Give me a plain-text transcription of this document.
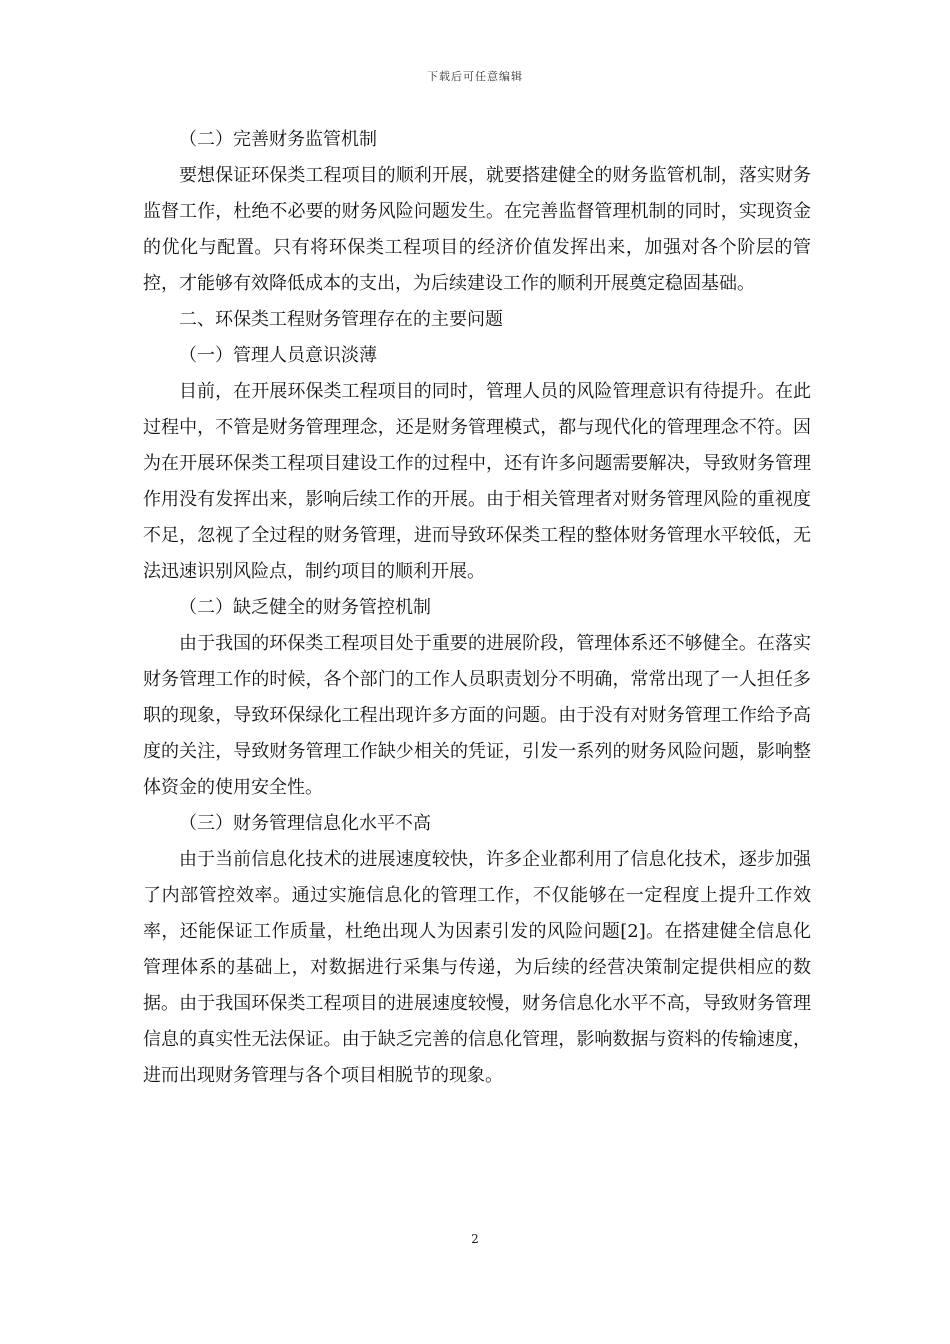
下载后可任意编辑

（二）完善财务监管机制

要想保证环保类工程项目的顺利开展，就要搭建健全的财务监管机制，落实财务监督工作，杜绝不必要的财务风险问题发生。在完善监督管理机制的同时，实现资金的优化与配置。只有将环保类工程项目的经济价值发挥出来，加强对各个阶层的管控，才能够有效降低成本的支出，为后续建设工作的顺利开展奠定稳固基础。

二、环保类工程财务管理存在的主要问题

（一）管理人员意识淡薄

目前，在开展环保类工程项目的同时，管理人员的风险管理意识有待提升。在此过程中，不管是财务管理理念，还是财务管理模式，都与现代化的管理理念不符。因为在开展环保类工程项目建设工作的过程中，还有许多问题需要解决，导致财务管理作用没有发挥出来，影响后续工作的开展。由于相关管理者对财务管理风险的重视度不足，忽视了全过程的财务管理，进而导致环保类工程的整体财务管理水平较低，无法迅速识别风险点，制约项目的顺利开展。

（二）缺乏健全的财务管控机制

由于我国的环保类工程项目处于重要的进展阶段，管理体系还不够健全。在落实财务管理工作的时候，各个部门的工作人员职责划分不明确，常常出现了一人担任多职的现象，导致环保绿化工程出现许多方面的问题。由于没有对财务管理工作给予高度的关注，导致财务管理工作缺少相关的凭证，引发一系列的财务风险问题，影响整体资金的使用安全性。

（三）财务管理信息化水平不高

由于当前信息化技术的进展速度较快，许多企业都利用了信息化技术，逐步加强了内部管控效率。通过实施信息化的管理工作，不仅能够在一定程度上提升工作效率，还能保证工作质量，杜绝出现人为因素引发的风险问题[2]。在搭建健全信息化管理体系的基础上，对数据进行采集与传递，为后续的经营决策制定提供相应的数据。由于我国环保类工程项目的进展速度较慢，财务信息化水平不高，导致财务管理信息的真实性无法保证。由于缺乏完善的信息化管理，影响数据与资料的传输速度，进而出现财务管理与各个项目相脱节的现象。

2
